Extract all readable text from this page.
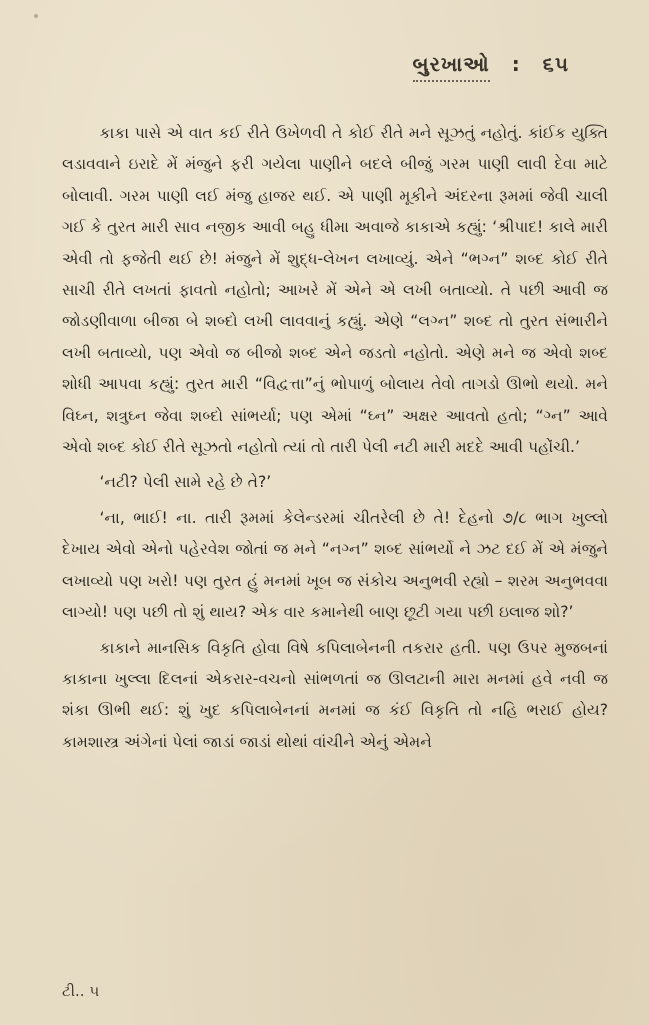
બુરખાઓ : ૬૫

કાકા પાસે એ વાત કઈ રીતે ઉખેળવી તે કોઈ રીતે મને સૂઝતું નહોતું. કાંઈક યુક્તિ લડાવવાને ઇરાદે મેં મંજુને ફરી ગયેલા પાણીને બદલે બીજું ગરમ પાણી લાવી દેવા માટે બોલાવી. ગરમ પાણી લઈ મંજુ હાજર થઈ. એ પાણી મૂકીને અંદરના રૂમમાં જેવી ચાલી ગઈ કે તુરત મારી સાવ નજીક આવી બહુ ધીમા અવાજે કાકાએ કહ્યું: ‘શ્રીપાદ! કાલે મારી એવી તો ફજેતી થઈ છે! મંજુને મેં શુદ્ધ-લેખન લખાવ્યું. એને “ભગ્ન” શબ્દ કોઈ રીતે સાચી રીતે લખતાં ફાવતો નહોતો; આખરે મેં એને એ લખી બતાવ્યો. તે પછી આવી જ જોડણીવાળા બીજા બે શબ્દો લખી લાવવાનું કહ્યું. એણે “લગ્ન” શબ્દ તો તુરત સંભારીને લખી બતાવ્યો, પણ એવો જ બીજો શબ્દ એને જડતો નહોતો. એણે મને જ એવો શબ્દ શોધી આપવા કહ્યું: તુરત મારી “વિદ્વત્તા”નું ભોપાળું બોલાય તેવો તાગડો ઊભો થયો. મને વિઘ્ન, શત્રુઘ્ન જેવા શબ્દો સાંભર્યા; પણ એમાં “ઘ્ન” અક્ષર આવતો હતો; “ગ્ન” આવે એવો શબ્દ કોઈ રીતે સૂઝતો નહોતો ત્યાં તો તારી પેલી નટી મારી મદદે આવી પહોંચી.’

‘નટી? પેલી સામે રહે છે તે?’

‘ના, ભાઈ! ના. તારી રૂમમાં કેલેન્ડરમાં ચીતરેલી છે તે! દેહનો ૭/૮ ભાગ ખુલ્લો દેખાય એવો એનો પહેરવેશ જોતાં જ મને “નગ્ન” શબ્દ સાંભર્યો ને ઝટ દઈ મેં એ મંજુને લખાવ્યો પણ ખરો! પણ તુરત હું મનમાં ખૂબ જ સંકોચ અનુભવી રહ્યો – શરમ અનુભવવા લાગ્યો! પણ પછી તો શું થાય? એક વાર કમાનેથી બાણ છૂટી ગયા પછી ઇલાજ શો?’

કાકાને માનસિક વિકૃતિ હોવા વિષે કપિલાબેનની તકરાર હતી. પણ ઉપર મુજબનાં કાકાના ખુલ્લા દિલનાં એકરાર-વચનો સાંભળતાં જ ઊલટાની મારા મનમાં હવે નવી જ શંકા ઊભી થઈ: શું ખુદ કપિલાબેનનાં મનમાં જ કંઈ વિકૃતિ તો નહિ ભરાઈ હોય? કામશાસ્ત્ર અંગેનાં પેલાં જાડાં જાડાં થોથાં વાંચીને એનું એમને

ટી.. ૫
